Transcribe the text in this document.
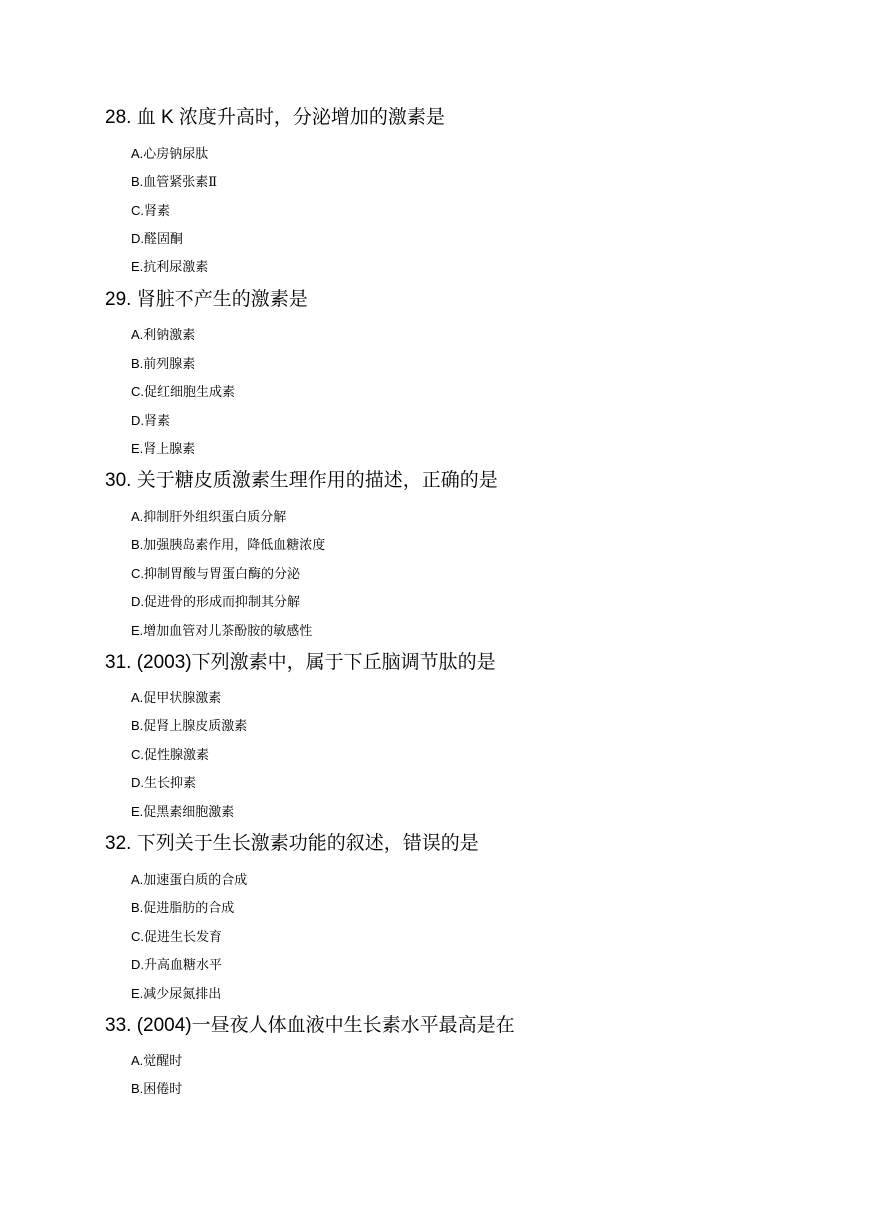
28. 血 K 浓度升高时，分泌增加的激素是
A.心房钠尿肽
B.血管紧张素Ⅱ
C.肾素
D.醛固酮
E.抗利尿激素
29. 肾脏不产生的激素是
A.利钠激素
B.前列腺素
C.促红细胞生成素
D.肾素
E.肾上腺素
30. 关于糖皮质激素生理作用的描述，正确的是
A.抑制肝外组织蛋白质分解
B.加强胰岛素作用，降低血糖浓度
C.抑制胃酸与胃蛋白酶的分泌
D.促进骨的形成而抑制其分解
E.增加血管对儿茶酚胺的敏感性
31. (2003)下列激素中，属于下丘脑调节肽的是
A.促甲状腺激素
B.促肾上腺皮质激素
C.促性腺激素
D.生长抑素
E.促黑素细胞激素
32. 下列关于生长激素功能的叙述，错误的是
A.加速蛋白质的合成
B.促进脂肪的合成
C.促进生长发育
D.升高血糖水平
E.减少尿氮排出
33. (2004)一昼夜人体血液中生长素水平最高是在
A.觉醒时
B.困倦时
